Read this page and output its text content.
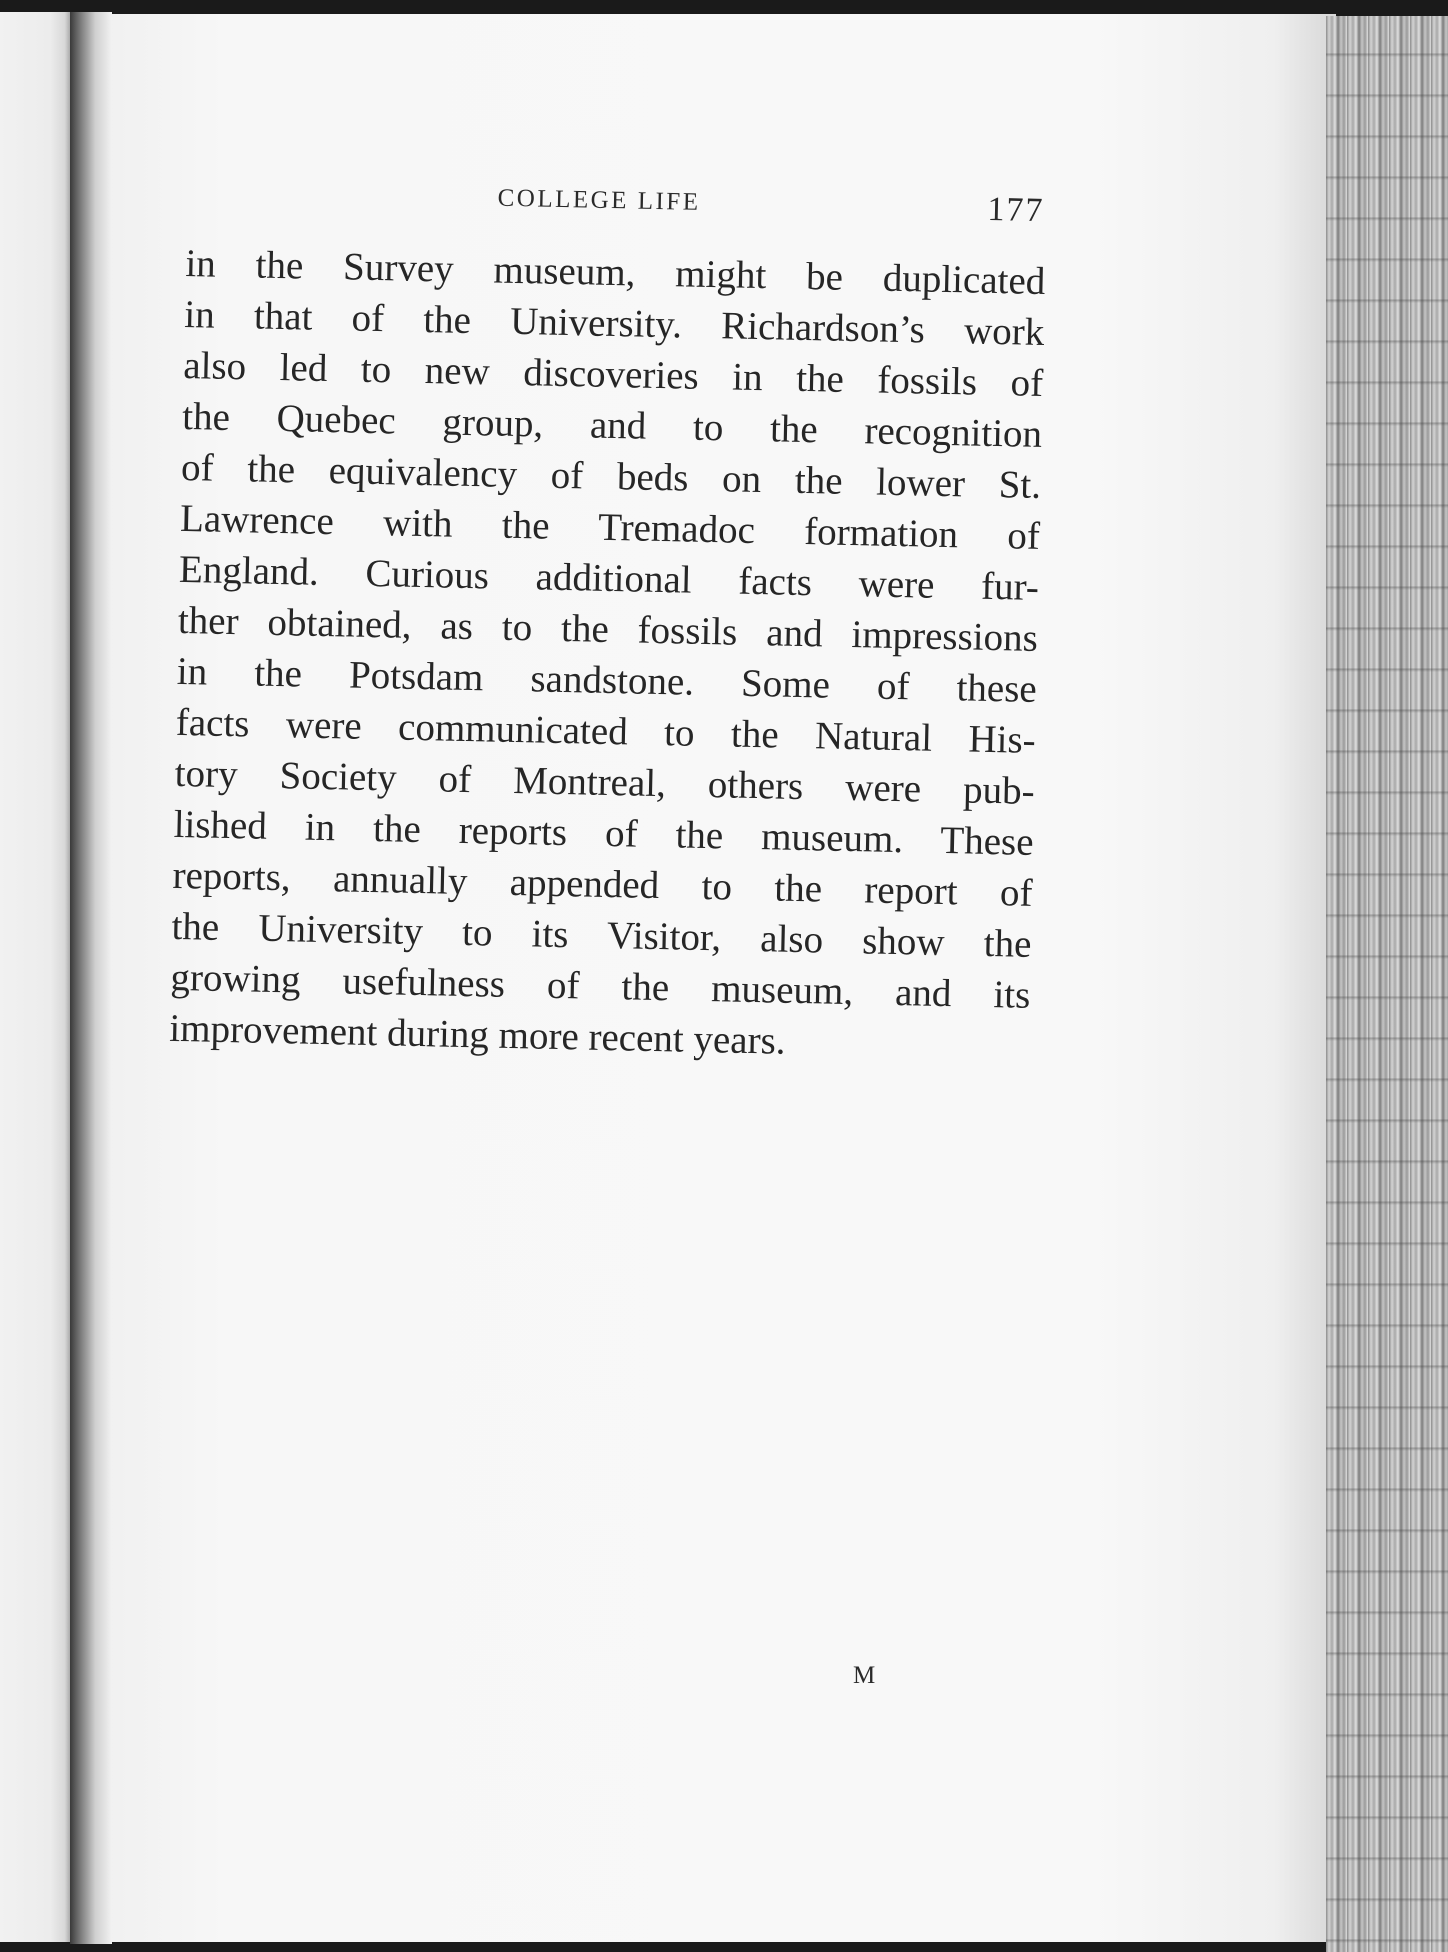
COLLEGE LIFE	177
in the Survey museum, might be duplicated
in that of the University. Richardson’s work
also led to new discoveries in the fossils of
the Quebec group, and to the recognition
of the equivalency of beds on the lower St.
Lawrence with the Tremadoc formation of
England. Curious additional facts were fur-
ther obtained, as to the fossils and impressions
in the Potsdam sandstone. Some of these
facts were communicated to the Natural His-
tory Society of Montreal, others were pub-
lished in the reports of the museum. These
reports, annually appended to the report of
the University to its Visitor, also show the
growing usefulness of the museum, and its
improvement during more recent years.
M
